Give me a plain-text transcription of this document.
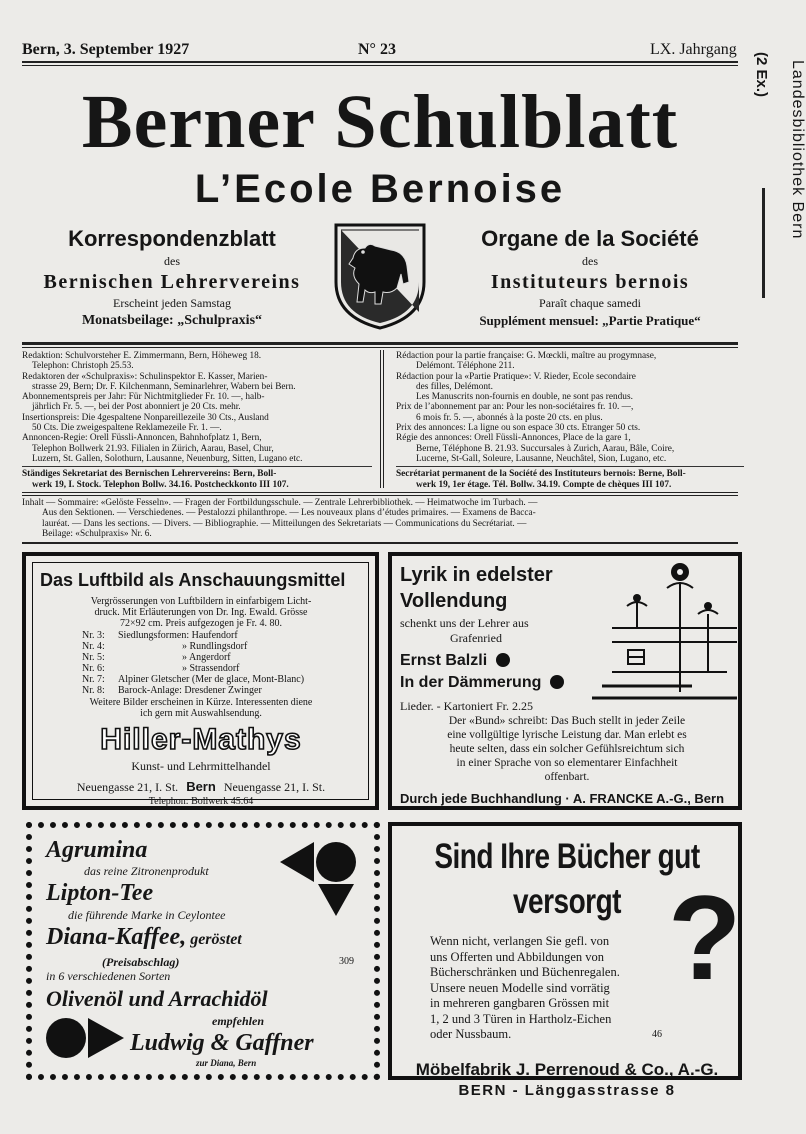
Bern, 3. September 1927	N° 23	LX. Jahrgang
Landesbibliothek Bern
(2 Ex.)
Berner Schulblatt
L’Ecole Bernoise
Korrespondenzblatt
des
Bernischen Lehrervereins
Erscheint jeden Samstag
Monatsbeilage: „Schulpraxis“
Organe de la Société
des
Instituteurs bernois
Paraît chaque samedi
Supplément mensuel: „Partie Pratique“
Redaktion: Schulvorsteher E. Zimmermann, Bern, Höheweg 18.
Telephon: Christoph 25.53.
Redaktoren der «Schulpraxis»: Schulinspektor E. Kasser, Marien-
strasse 29, Bern; Dr. F. Kilchenmann, Seminarlehrer, Wabern bei Bern.
Abonnementspreis per Jahr: Für Nichtmitglieder Fr. 10. —, halb-
jährlich Fr. 5. —, bei der Post abonniert je 20 Cts. mehr.
Insertionspreis: Die 4gespaltene Nonpareillezeile 30 Cts., Ausland
50 Cts. Die zweigespaltene Reklamezeile Fr. 1. —.
Annoncen-Regie: Orell Füssli-Annoncen, Bahnhofplatz 1, Bern,
Telephon Bollwerk 21.93. Filialen in Zürich, Aarau, Basel, Chur,
Luzern, St. Gallen, Solothurn, Lausanne, Neuenburg, Sitten, Lugano etc.
Ständiges Sekretariat des Bernischen Lehrervereins: Bern, Boll-
werk 19, I. Stock. Telephon Bollw. 34.16. Postcheckkonto III 107.
Rédaction pour la partie française: G. Mœckli, maître au progymnase,
Delémont. Téléphone 211.
Rédaction pour la «Partie Pratique»: V. Rieder, Ecole secondaire
des filles, Delémont.
Les Manuscrits non-fournis en double, ne sont pas rendus.
Prix de l’abonnement par an: Pour les non-sociétaires fr. 10. —,
6 mois fr. 5. —, abonnés à la poste 20 cts. en plus.
Prix des annonces: La ligne ou son espace 30 cts. Etranger 50 cts.
Régie des annonces: Orell Füssli-Annonces, Place de la gare 1,
Berne, Téléphone B. 21.93. Succursales à Zurich, Aarau, Bâle, Coire,
Lucerne, St-Gall, Soleure, Lausanne, Neuchâtel, Sion, Lugano, etc.
Secrétariat permanent de la Société des Instituteurs bernois: Berne, Boll-
werk 19, 1er étage. Tél. Bollw. 34.19. Compte de chèques III 107.
Inhalt — Sommaire: «Gelöste Fesseln». — Fragen der Fortbildungsschule. — Zentrale Lehrerbibliothek. — Heimatwoche im Turbach. —
Aus den Sektionen. — Verschiedenes. — Pestalozzi philanthrope. — Les nouveaux plans d’études primaires. — Examens de Bacca-
lauréat. — Dans les sections. — Divers. — Bibliographie. — Mitteilungen des Sekretariats — Communications du Secrétariat. —
Beilage: «Schulpraxis» Nr. 6.
Das Luftbild als Anschauungsmittel
Vergrösserungen von Luftbildern in einfarbigem Licht-
druck. Mit Erläuterungen von Dr. Ing. Ewald. Grösse
72×92 cm. Preis aufgezogen je Fr. 4. 80.
Nr. 3:	Siedlungsformen: Haufendorf
Nr. 4:	» Rundlingsdorf
Nr. 5:	» Angerdorf
Nr. 6:	» Strassendorf
Nr. 7:	Alpiner Gletscher (Mer de glace, Mont-Blanc)
Nr. 8:	Barock-Anlage: Dresdener Zwinger
Weitere Bilder erscheinen in Kürze. Interessenten diene
ich gern mit Auswahlsendung.
Hiller-Mathys
Kunst- und Lehrmittelhandel
Neuengasse 21, I. St. Bern Neuengasse 21, I. St.
Telephon: Bollwerk 45.64
Lyrik in edelster
Vollendung
schenkt uns der Lehrer aus
Grafenried
Ernst Balzli
In der Dämmerung
Lieder. - Kartoniert Fr. 2.25
Der «Bund» schreibt: Das Buch stellt in jeder Zeile
eine vollgültige lyrische Leistung dar. Man erlebt es
heute selten, dass ein solcher Gefühlsreichtum sich
in einer Sprache von so elementarer Einfachheit
offenbart.
Durch jede Buchhandlung · A. FRANCKE A.-G., Bern
Agrumina
das reine Zitronenprodukt
Lipton-Tee
die führende Marke in Ceylontee
Diana-Kaffee, geröstet
(Preisabschlag)	309
in 6 verschiedenen Sorten
Olivenöl und Arrachidöl
empfehlen
Ludwig & Gaffner
zur Diana, Bern
Sind Ihre Bücher gut versorgt
Wenn nicht, verlangen Sie gefl. von
uns Offerten und Abbildungen von
Bücherschränken und Büchenregalen.
Unsere neuen Modelle sind vorrätig
in mehreren gangbaren Grössen mit
1, 2 und 3 Türen in Hartholz-Eichen
oder Nussbaum.	46
Möbelfabrik J. Perrenoud & Co., A.-G.
BERN - Länggasstrasse 8
?
